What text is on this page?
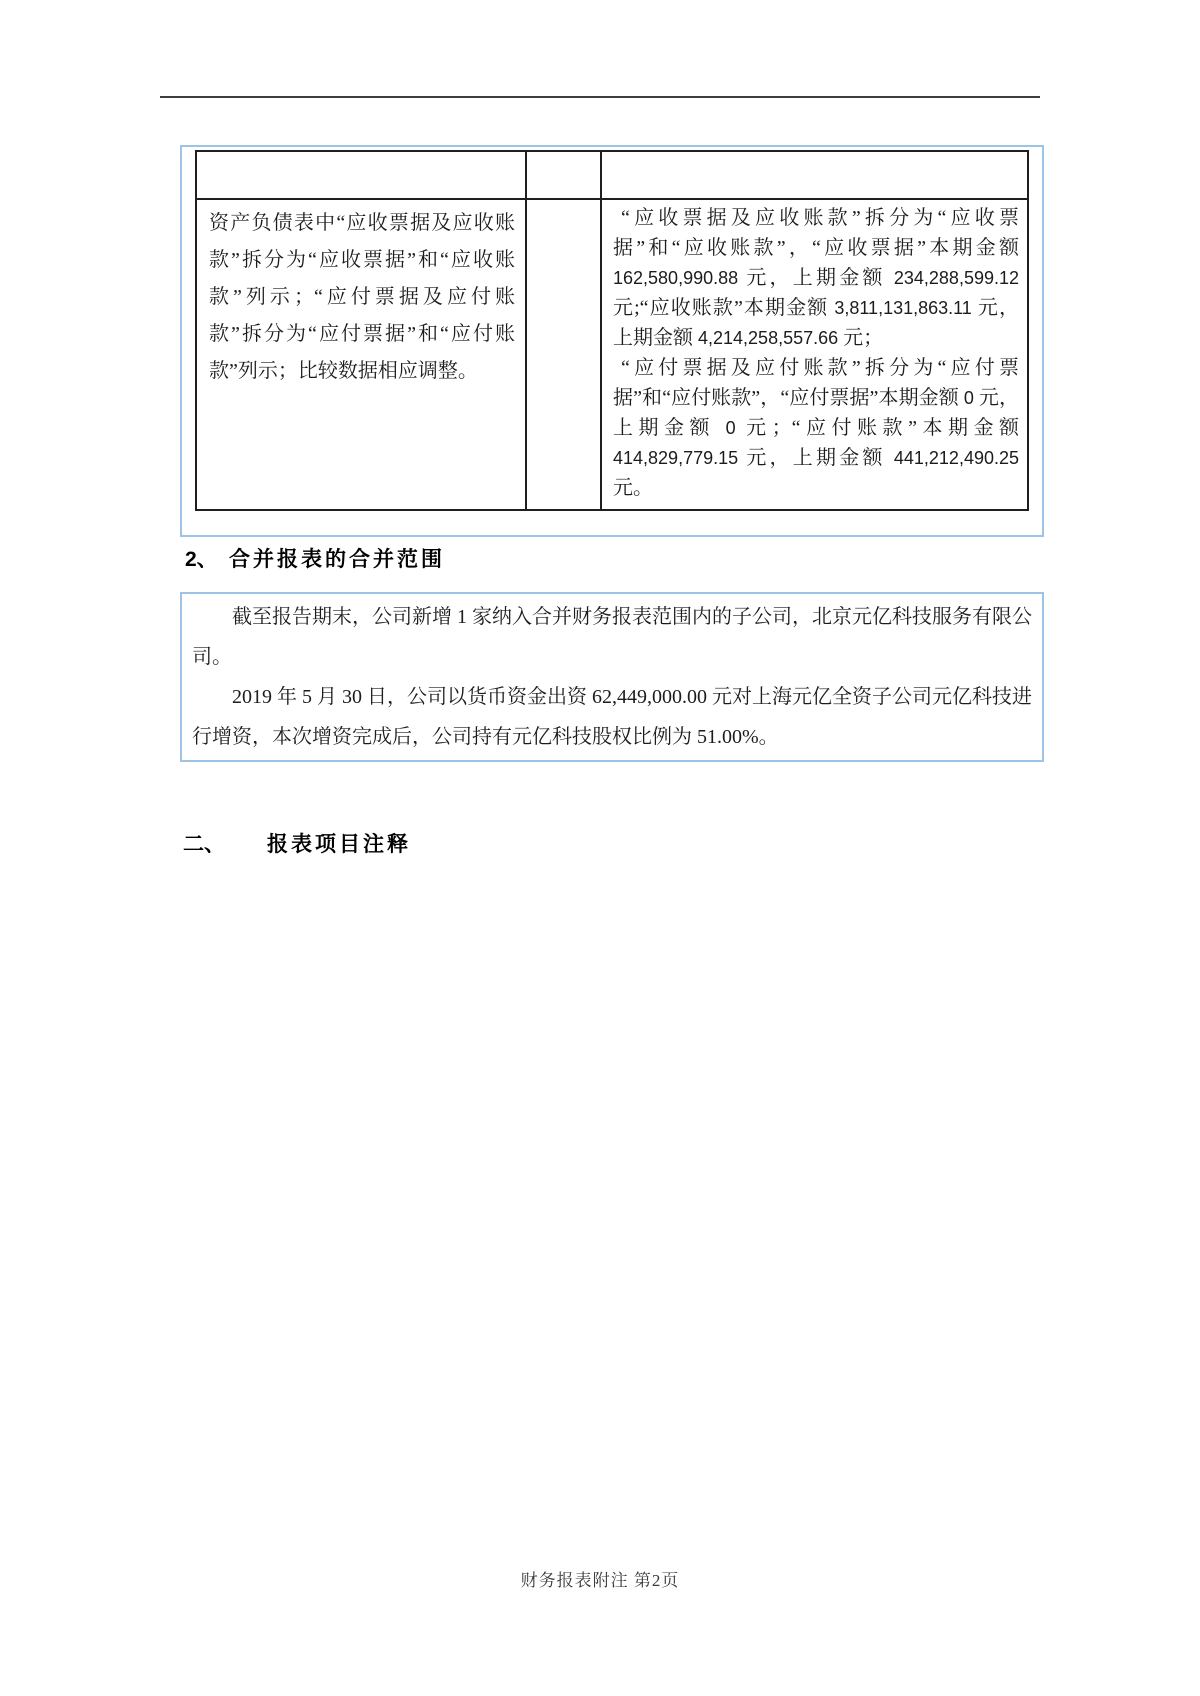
资产负债表中“应收票据及应收账款”拆分为“应收票据”和“应收账款”列示；“应付票据及应付账款”拆分为“应付票据”和“应付账款”列示；比较数据相应调整。		“应收票据及应收账款”拆分为“应收票据”和“应收账款”，“应收票据”本期金额 162,580,990.88 元，上期金额 234,288,599.12 元;“应收账款”本期金额 3,811,131,863.11 元，上期金额 4,214,258,557.66 元；

“应付票据及应付账款”拆分为“应付票据”和“应付账款”，“应付票据”本期金额 0 元，上期金额 0 元；“应付账款”本期金额 414,829,779.15 元，上期金额 441,212,490.25 元。

2、 合并报表的合并范围

截至报告期末，公司新增 1 家纳入合并财务报表范围内的子公司，北京元亿科技服务有限公司。

2019 年 5 月 30 日，公司以货币资金出资 62,449,000.00 元对上海元亿全资子公司元亿科技进行增资，本次增资完成后，公司持有元亿科技股权比例为 51.00%。

二、	报表项目注释
财务报表附注 第2页
